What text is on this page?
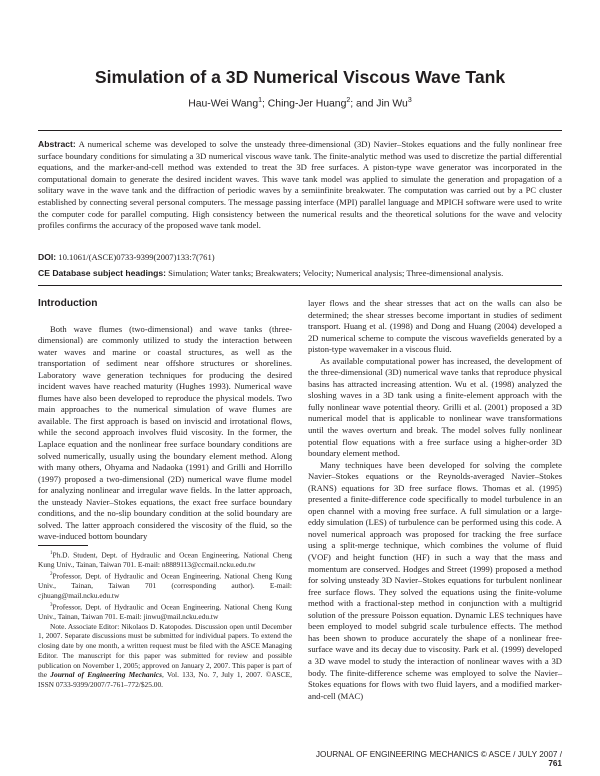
Simulation of a 3D Numerical Viscous Wave Tank
Hau-Wei Wang$^1$; Ching-Jer Huang$^2$; and Jin Wu$^3$
Abstract: A numerical scheme was developed to solve the unsteady three-dimensional (3D) Navier–Stokes equations and the fully nonlinear free surface boundary conditions for simulating a 3D numerical viscous wave tank. The finite-analytic method was used to discretize the partial differential equations, and the marker-and-cell method was extended to treat the 3D free surfaces. A piston-type wave generator was incorporated in the computational domain to generate the desired incident waves. This wave tank model was applied to simulate the generation and propagation of a solitary wave in the wave tank and the diffraction of periodic waves by a semiinfinite breakwater. The computation was carried out by a PC cluster established by connecting several personal computers. The message passing interface (MPI) parallel language and MPICH software were used to write the computer code for parallel computing. High consistency between the numerical results and the theoretical solutions for the wave and velocity profiles confirms the accuracy of the proposed wave tank model.
DOI: 10.1061/(ASCE)0733-9399(2007)133:7(761)
CE Database subject headings: Simulation; Water tanks; Breakwaters; Velocity; Numerical analysis; Three-dimensional analysis.
Introduction

Both wave flumes (two-dimensional) and wave tanks (three-dimensional) are commonly utilized to study the interaction between water waves and marine or coastal structures, as well as the transportation of sediment near offshore structures or shorelines. Laboratory wave generation techniques for producing the desired incident waves have reached maturity (Hughes 1993). Numerical wave flumes have also been developed to reproduce the physical models. Two main approaches to the numerical simulation of wave flumes are available. The first approach is based on inviscid and irrotational flows, while the second approach involves fluid viscosity. In the former, the Laplace equation and the nonlinear free surface boundary conditions are solved numerically, usually using the boundary element method. Along with many others, Ohyama and Nadaoka (1991) and Grilli and Horrillo (1997) proposed a two-dimensional (2D) numerical wave flume model for analyzing nonlinear and irregular wave fields. In the latter approach, the unsteady Navier–Stokes equations, the exact free surface boundary conditions, and the no-slip boundary condition at the solid boundary are solved. The latter approach considered the viscosity of the fluid, so the wave-induced bottom boundary

$^1$Ph.D. Student, Dept. of Hydraulic and Ocean Engineering, National Cheng Kung Univ., Tainan, Taiwan 701. E-mail: n8889113@ccmail.ncku.edu.tw

$^2$Professor, Dept. of Hydraulic and Ocean Engineering, National Cheng Kung Univ., Tainan, Taiwan 701 (corresponding author). E-mail: cjhuang@mail.ncku.edu.tw

$^3$Professor, Dept. of Hydraulic and Ocean Engineering, National Cheng Kung Univ., Tainan, Taiwan 701. E-mail: jinwu@mail.ncku.edu.tw

Note. Associate Editor: Nikolaos D. Katopodes. Discussion open until December 1, 2007. Separate discussions must be submitted for individual papers. To extend the closing date by one month, a written request must be filed with the ASCE Managing Editor. The manuscript for this paper was submitted for review and possible publication on November 1, 2005; approved on January 2, 2007. This paper is part of the Journal of Engineering Mechanics, Vol. 133, No. 7, July 1, 2007. ©ASCE, ISSN 0733-9399/2007/7-761–772/$25.00.

layer flows and the shear stresses that act on the walls can also be determined; the shear stresses become important in studies of sediment transport. Huang et al. (1998) and Dong and Huang (2004) developed a 2D numerical scheme to compute the viscous wavefields generated by a piston-type wavemaker in a viscous fluid.

As available computational power has increased, the development of the three-dimensional (3D) numerical wave tanks that reproduce physical basins has attracted increasing attention. Wu et al. (1998) analyzed the sloshing waves in a 3D tank using a finite-element approach with the fully nonlinear wave potential theory. Grilli et al. (2001) proposed a 3D numerical model that is applicable to nonlinear wave transformations until the waves overturn and break. The model solves fully nonlinear potential flow equations with a free surface using a higher-order 3D boundary element method.

Many techniques have been developed for solving the complete Navier–Stokes equations or the Reynolds-averaged Navier–Stokes (RANS) equations for 3D free surface flows. Thomas et al. (1995) presented a finite-difference code specifically to model turbulence in an open channel with a moving free surface. A full simulation or a large-eddy simulation (LES) of turbulence can be performed using this code. A novel numerical approach was proposed for tracking the free surface using a split-merge technique, which combines the volume of fluid (VOF) and height function (HF) in such a way that the mass and momentum are conserved. Hodges and Street (1999) proposed a method for solving unsteady 3D Navier–Stokes equations for turbulent nonlinear free surface flows. They solved the equations using the finite-volume method with a fractional-step method in conjunction with a multigrid solution of the pressure Poisson equation. Dynamic LES techniques have been employed to model subgrid scale turbulence effects. The method has been shown to produce accurately the shape of a nonlinear free-surface wave and its decay due to viscosity. Park et al. (1999) developed a 3D wave model to study the interaction of nonlinear waves with a 3D body. The finite-difference scheme was employed to solve the Navier–Stokes equations for flows with two fluid layers, and a modified marker-and-cell (MAC)

JOURNAL OF ENGINEERING MECHANICS © ASCE / JULY 2007 / 761
